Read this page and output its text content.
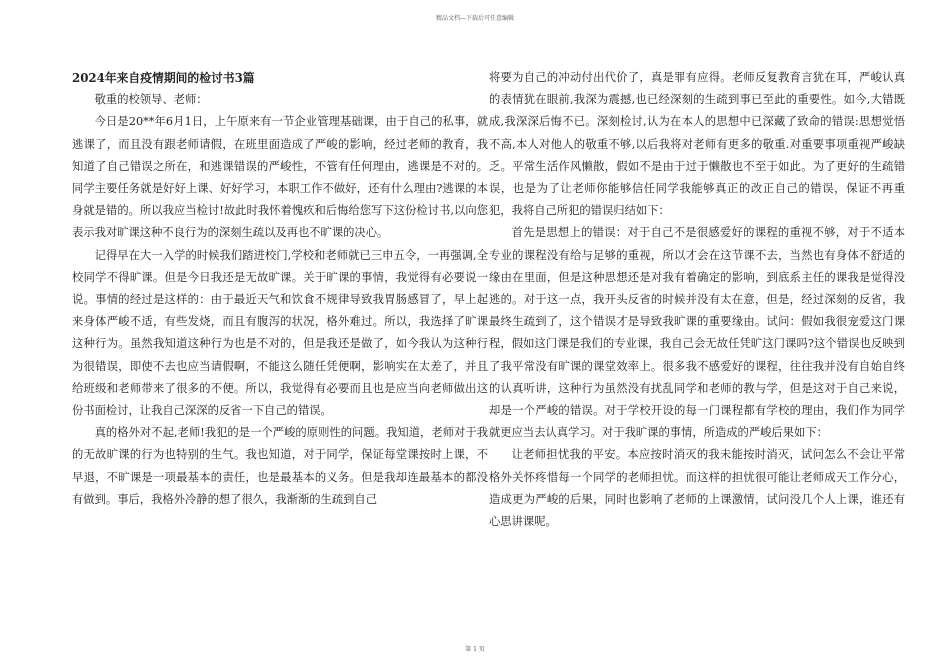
精品文档---下载后可任意编辑

2024年来自疫情期间的检讨书3篇

敬重的校领导、老师：

今日是20**年6月1日，上午原来有一节企业管理基础课，由于自己的私事，就逃课了，而且没有跟老师请假，在班里面造成了严峻的影响，经过老师的教育，我知道了自己错误之所在，和逃课错误的严峻性，不管有任何理由，逃课是不对的。同学主要任务就是好好上课、好好学习，本职工作不做好，还有什么理由?逃课的本身就是错的。所以我应当检讨!故此时我怀着愧疚和后悔给您写下这份检讨书,以向您表示我对旷课这种不良行为的深刻生疏以及再也不旷课的决心。

记得早在大一入学的时候我们踏进校门,学校和老师就已三申五令，一再强调,全校同学不得旷课。但是今日我还是无故旷课。关于旷课的事情，我觉得有必要说一说。事情的经过是这样的：由于最近天气和饮食不规律导致我胃肠感冒了，早上起来身体严峻不适，有些发烧，而且有腹泻的状况，格外难过。所以，我选择了旷课这种行为。虽然我知道这种行为也是不对的，但是我还是做了，如今我认为这种行为很错误，即使不去也应当请假啊，不能这么随任凭便啊，影响实在太差了，并且给班级和老师带来了很多的不便。所以，我觉得有必要而且也是应当向老师做出这份书面检讨，让我自己深深的反省一下自己的错误。

真的格外对不起,老师!我犯的是一个严峻的原则性的问题。我知道，老师对于我的无故旷课的行为也特别的生气。我也知道，对于同学，保证每堂课按时上课，不早退，不旷课是一项最基本的责任，也是最基本的义务。但是我却连最基本的都没有做到。事后，我格外冷静的想了很久，我渐渐的生疏到自己

将要为自己的冲动付出代价了，真是罪有应得。老师反复教育言犹在耳，严峻认真的表情犹在眼前,我深为震撼,也已经深刻的生疏到事已至此的重要性。如今,大错既成,我深深后悔不已。深刻检讨,认为在本人的思想中已深藏了致命的错误:思想觉悟不高,本人对他人的敬重不够,以后我将对老师有更多的敬重.对重要事项重视严峻缺乏。平常生活作风懒散，假如不是由于过于懒散也不至于如此。为了更好的生疏错误，也是为了让老师你能够信任同学我能够真正的改正自己的错误，保证不再重犯，我将自己所犯的错误归结如下：

首先是思想上的错误：对于自己不是很感爱好的课程的重视不够，对于不适本专业的课程没有给与足够的重视，所以才会在这节课不去，当然也有身体不舒适的缘由在里面，但是这种思想还是对我有着确定的影响，到底系主任的课我是觉得没逃的。对于这一点，我开头反省的时候并没有太在意，但是，经过深刻的反省，我最终生疏到了，这个错误才是导致我旷课的重要缘由。试问：假如我很宠爱这门课程，假如这门课是我们的专业课，我自己会无故任凭旷这门课吗?这个错误也反映到了我平常没有旷课的课堂效率上。很多我不感爱好的课程，往往我并没有自始自终的认真听讲，这种行为虽然没有扰乱同学和老师的教与学，但是这对于自己来说，却是一个严峻的错误。对于学校开设的每一门课程都有学校的理由，我们作为同学就更应当去认真学习。对于我旷课的事情，所造成的严峻后果如下：

让老师担忧我的平安。本应按时消灭的我未能按时消灭，试问怎么不会让平常格外关怀疼惜每一个同学的老师担忧。而这样的担忧很可能让老师成天工作分心，造成更为严峻的后果，同时也影响了老师的上课激情，试问没几个人上课，谁还有心思讲课呢。

第 1 页
